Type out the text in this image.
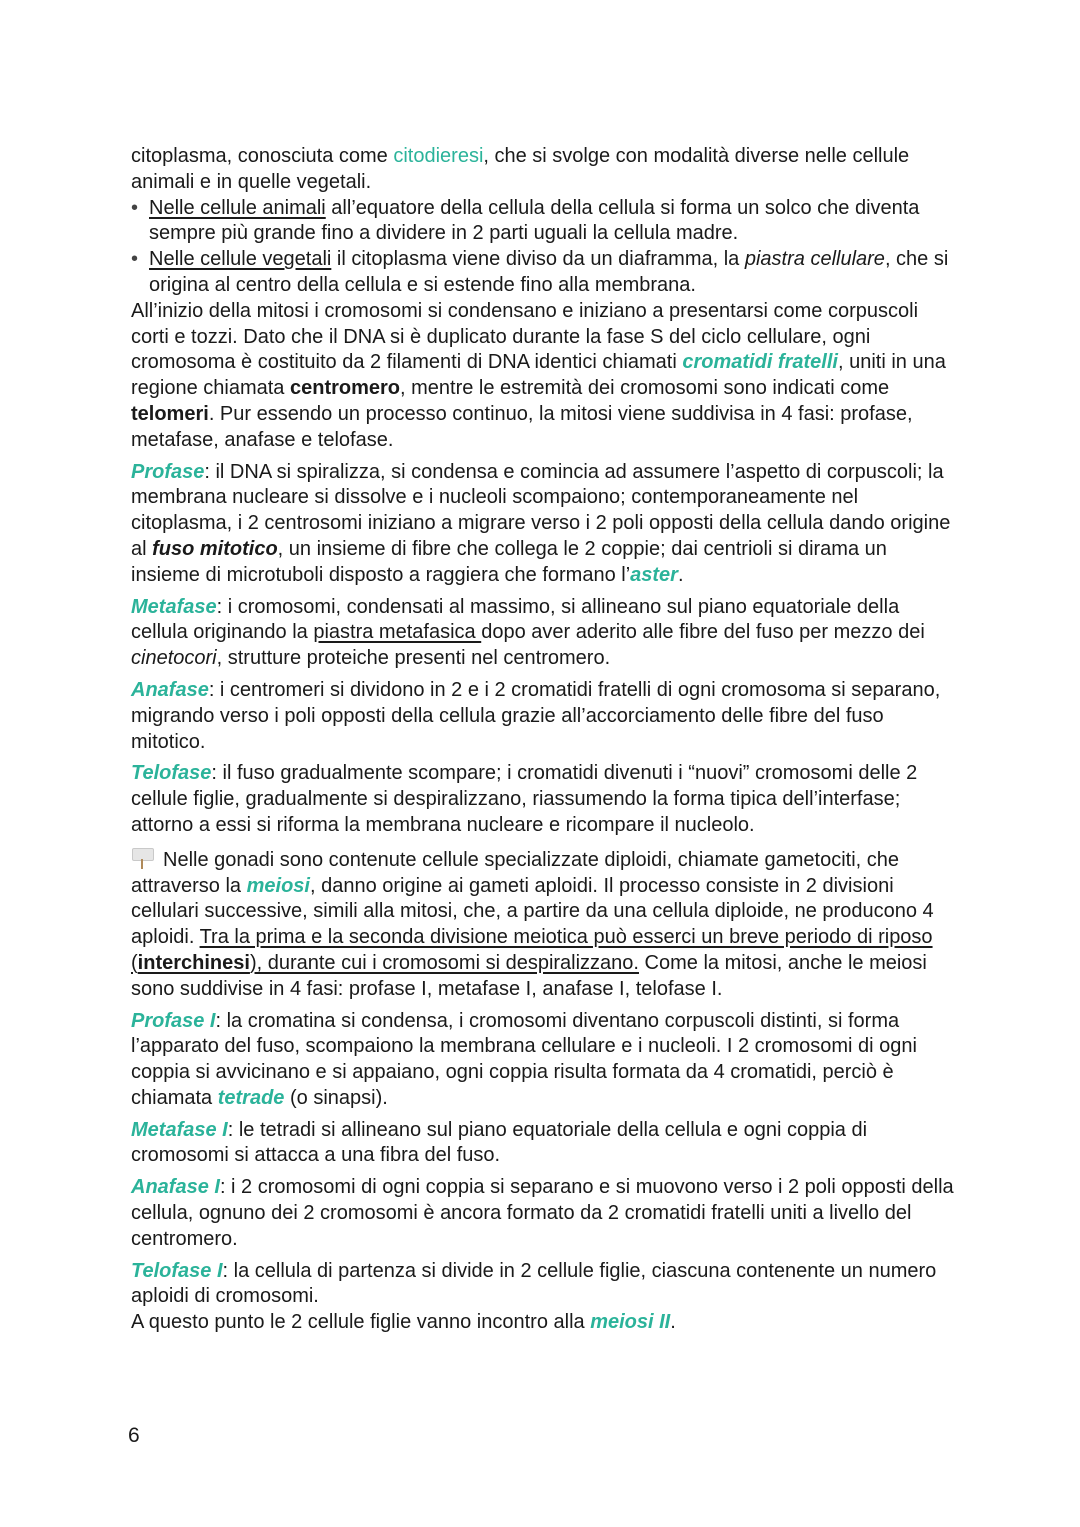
citoplasma, conosciuta come citodieresi, che si svolge con modalità diverse nelle cellule animali e in quelle vegetali.

• Nelle cellule animali all’equatore della cellula della cellula si forma un solco che diventa sempre più grande fino a dividere in 2 parti uguali la cellula madre.
• Nelle cellule vegetali il citoplasma viene diviso da un diaframma, la piastra cellulare, che si origina al centro della cellula e si estende fino alla membrana.

All’inizio della mitosi i cromosomi si condensano e iniziano a presentarsi come corpuscoli corti e tozzi. Dato che il DNA si è duplicato durante la fase S del ciclo cellulare, ogni cromosoma è costituito da 2 filamenti di DNA identici chiamati cromatidi fratelli, uniti in una regione chiamata centromero, mentre le estremità dei cromosomi sono indicati come telomeri. Pur essendo un processo continuo, la mitosi viene suddivisa in 4 fasi: profase, metafase, anafase e telofase.

Profase: il DNA si spiralizza, si condensa e comincia ad assumere l’aspetto di corpuscoli; la membrana nucleare si dissolve e i nucleoli scompaiono; contemporaneamente nel citoplasma, i 2 centrosomi iniziano a migrare verso i 2 poli opposti della cellula dando origine al fuso mitotico, un insieme di fibre che collega le 2 coppie; dai centrioli si dirama un insieme di microtuboli disposto a raggiera che formano l’aster.

Metafase: i cromosomi, condensati al massimo, si allineano sul piano equatoriale della cellula originando la piastra metafasica dopo aver aderito alle fibre del fuso per mezzo dei cinetocori, strutture proteiche presenti nel centromero.

Anafase: i centromeri si dividono in 2 e i 2 cromatidi fratelli di ogni cromosoma si separano, migrando verso i poli opposti della cellula grazie all’accorciamento delle fibre del fuso mitotico.

Telofase: il fuso gradualmente scompare; i cromatidi divenuti i “nuovi” cromosomi delle 2 cellule figlie, gradualmente si despiralizzano, riassumendo la forma tipica dell’interfase; attorno a essi si riforma la membrana nucleare e ricompare il nucleolo.

Nelle gonadi sono contenute cellule specializzate diploidi, chiamate gametociti, che attraverso la meiosi, danno origine ai gameti aploidi. Il processo consiste in 2 divisioni cellulari successive, simili alla mitosi, che, a partire da una cellula diploide, ne producono 4 aploidi. Tra la prima e la seconda divisione meiotica può esserci un breve periodo di riposo (interchinesi), durante cui i cromosomi si despiralizzano. Come la mitosi, anche le meiosi sono suddivise in 4 fasi: profase I, metafase I, anafase I, telofase I.

Profase I: la cromatina si condensa, i cromosomi diventano corpuscoli distinti, si forma l’apparato del fuso, scompaiono la membrana cellulare e i nucleoli. I 2 cromosomi di ogni coppia si avvicinano e si appaiano, ogni coppia risulta formata da 4 cromatidi, perciò è chiamata tetrade (o sinapsi).

Metafase I: le tetradi si allineano sul piano equatoriale della cellula e ogni coppia di cromosomi si attacca a una fibra del fuso.

Anafase I: i 2 cromosomi di ogni coppia si separano e si muovono verso i 2 poli opposti della cellula, ognuno dei 2 cromosomi è ancora formato da 2 cromatidi fratelli uniti a livello del centromero.

Telofase I: la cellula di partenza si divide in 2 cellule figlie, ciascuna contenente un numero aploidi di cromosomi.

A questo punto le 2 cellule figlie vanno incontro alla meiosi II.

6
